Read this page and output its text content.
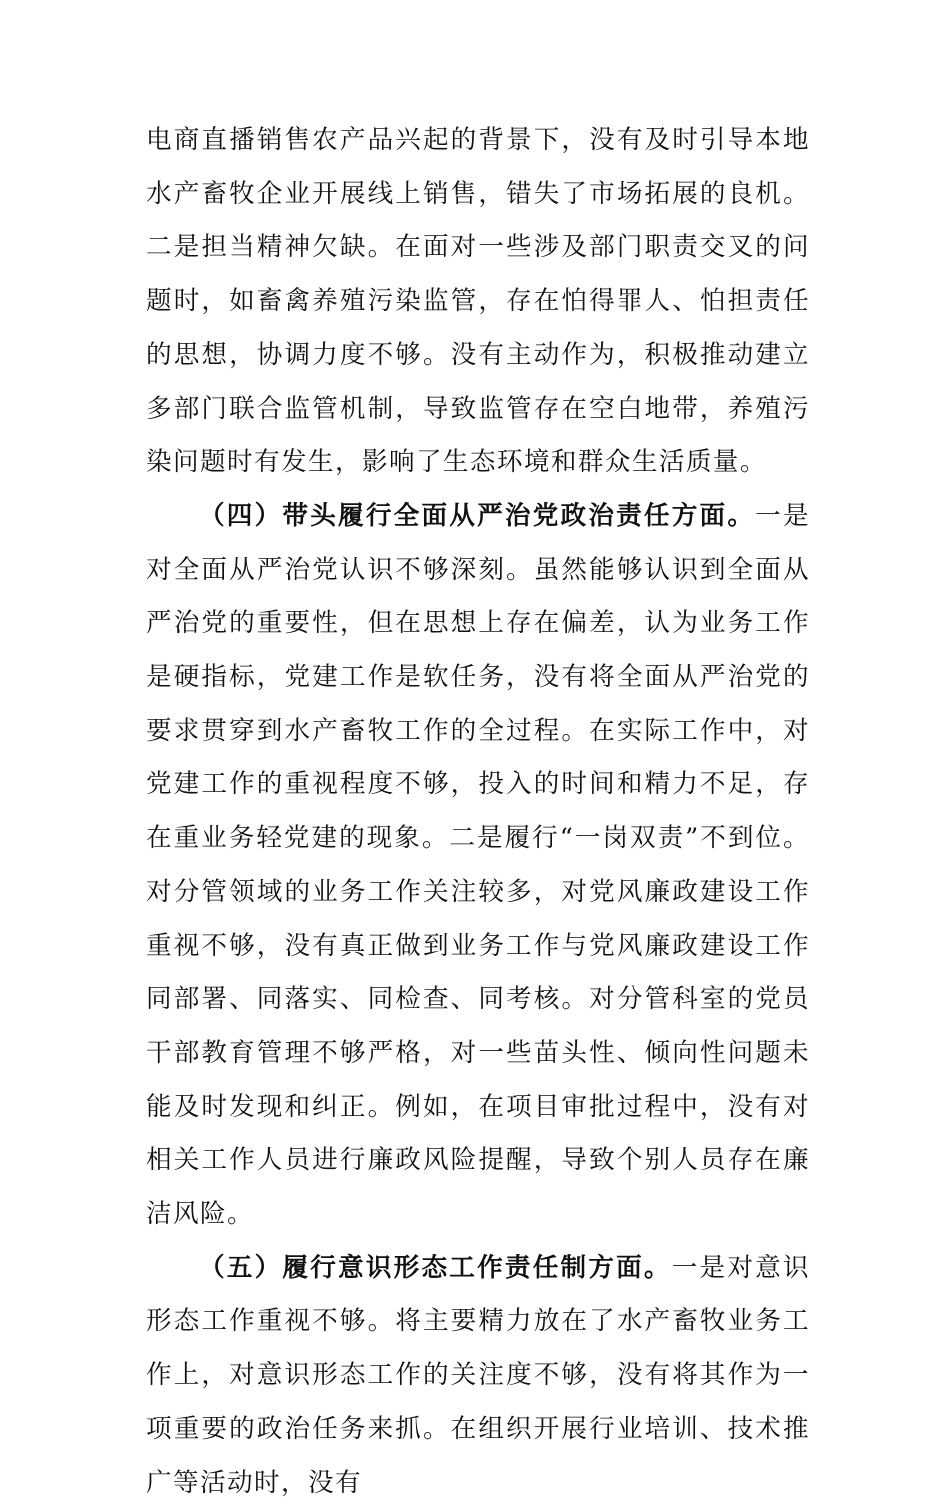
电商直播销售农产品兴起的背景下，没有及时引导本地水产畜牧企业开展线上销售，错失了市场拓展的良机。二是担当精神欠缺。在面对一些涉及部门职责交叉的问题时，如畜禽养殖污染监管，存在怕得罪人、怕担责任的思想，协调力度不够。没有主动作为，积极推动建立多部门联合监管机制，导致监管存在空白地带，养殖污染问题时有发生，影响了生态环境和群众生活质量。

（四）带头履行全面从严治党政治责任方面。一是对全面从严治党认识不够深刻。虽然能够认识到全面从严治党的重要性，但在思想上存在偏差，认为业务工作是硬指标，党建工作是软任务，没有将全面从严治党的要求贯穿到水产畜牧工作的全过程。在实际工作中，对党建工作的重视程度不够，投入的时间和精力不足，存在重业务轻党建的现象。二是履行“一岗双责”不到位。对分管领域的业务工作关注较多，对党风廉政建设工作重视不够，没有真正做到业务工作与党风廉政建设工作同部署、同落实、同检查、同考核。对分管科室的党员干部教育管理不够严格，对一些苗头性、倾向性问题未能及时发现和纠正。例如，在项目审批过程中，没有对相关工作人员进行廉政风险提醒，导致个别人员存在廉洁风险。

（五）履行意识形态工作责任制方面。一是对意识形态工作重视不够。将主要精力放在了水产畜牧业务工作上，对意识形态工作的关注度不够，没有将其作为一项重要的政治任务来抓。在组织开展行业培训、技术推广等活动时，没有
